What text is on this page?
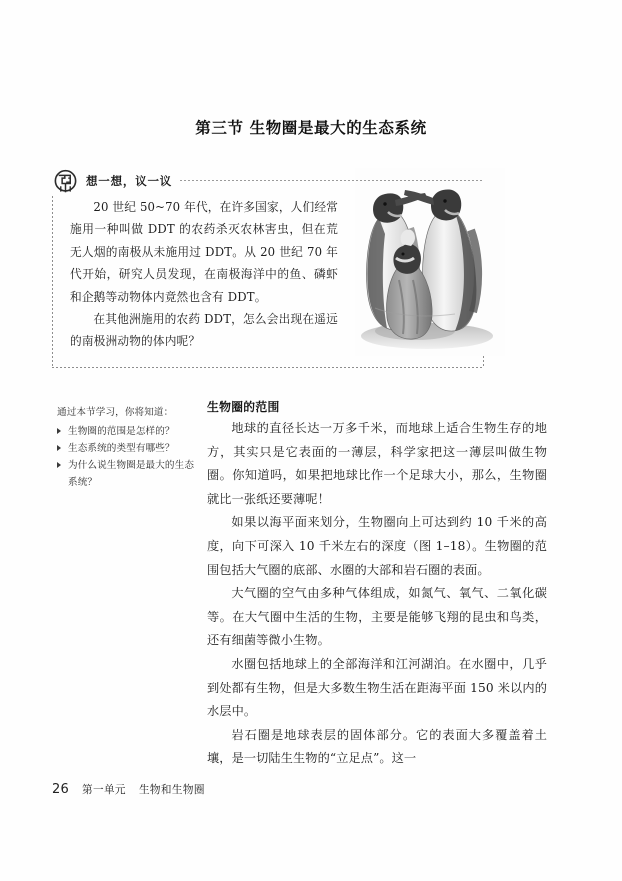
第三节 生物圈是最大的生态系统
想一想，议一议

20 世纪 50~70 年代，在许多国家，人们经常施用一种叫做 DDT 的农药杀灭农林害虫，但在荒无人烟的南极从未施用过 DDT。从 20 世纪 70 年代开始，研究人员发现，在南极海洋中的鱼、磷虾和企鹅等动物体内竟然也含有 DDT。

在其他洲施用的农药 DDT，怎么会出现在遥远的南极洲动物的体内呢？

通过本节学习，你将知道：

生物圈的范围是怎样的？
生态系统的类型有哪些？
为什么说生物圈是最大的生态系统？
生物圈的范围

地球的直径长达一万多千米，而地球上适合生物生存的地方，其实只是它表面的一薄层，科学家把这一薄层叫做生物圈。你知道吗，如果把地球比作一个足球大小，那么，生物圈就比一张纸还要薄呢！

如果以海平面来划分，生物圈向上可达到约 10 千米的高度，向下可深入 10 千米左右的深度（图 1–18）。生物圈的范围包括大气圈的底部、水圈的大部和岩石圈的表面。

大气圈的空气由多种气体组成，如氮气、氧气、二氧化碳等。在大气圈中生活的生物，主要是能够飞翔的昆虫和鸟类，还有细菌等微小生物。

水圈包括地球上的全部海洋和江河湖泊。在水圈中，几乎到处都有生物，但是大多数生物生活在距海平面 150 米以内的水层中。

岩石圈是地球表层的固体部分。它的表面大多覆盖着土壤，是一切陆生生物的“立足点”。这一

26 第一单元 生物和生物圈
